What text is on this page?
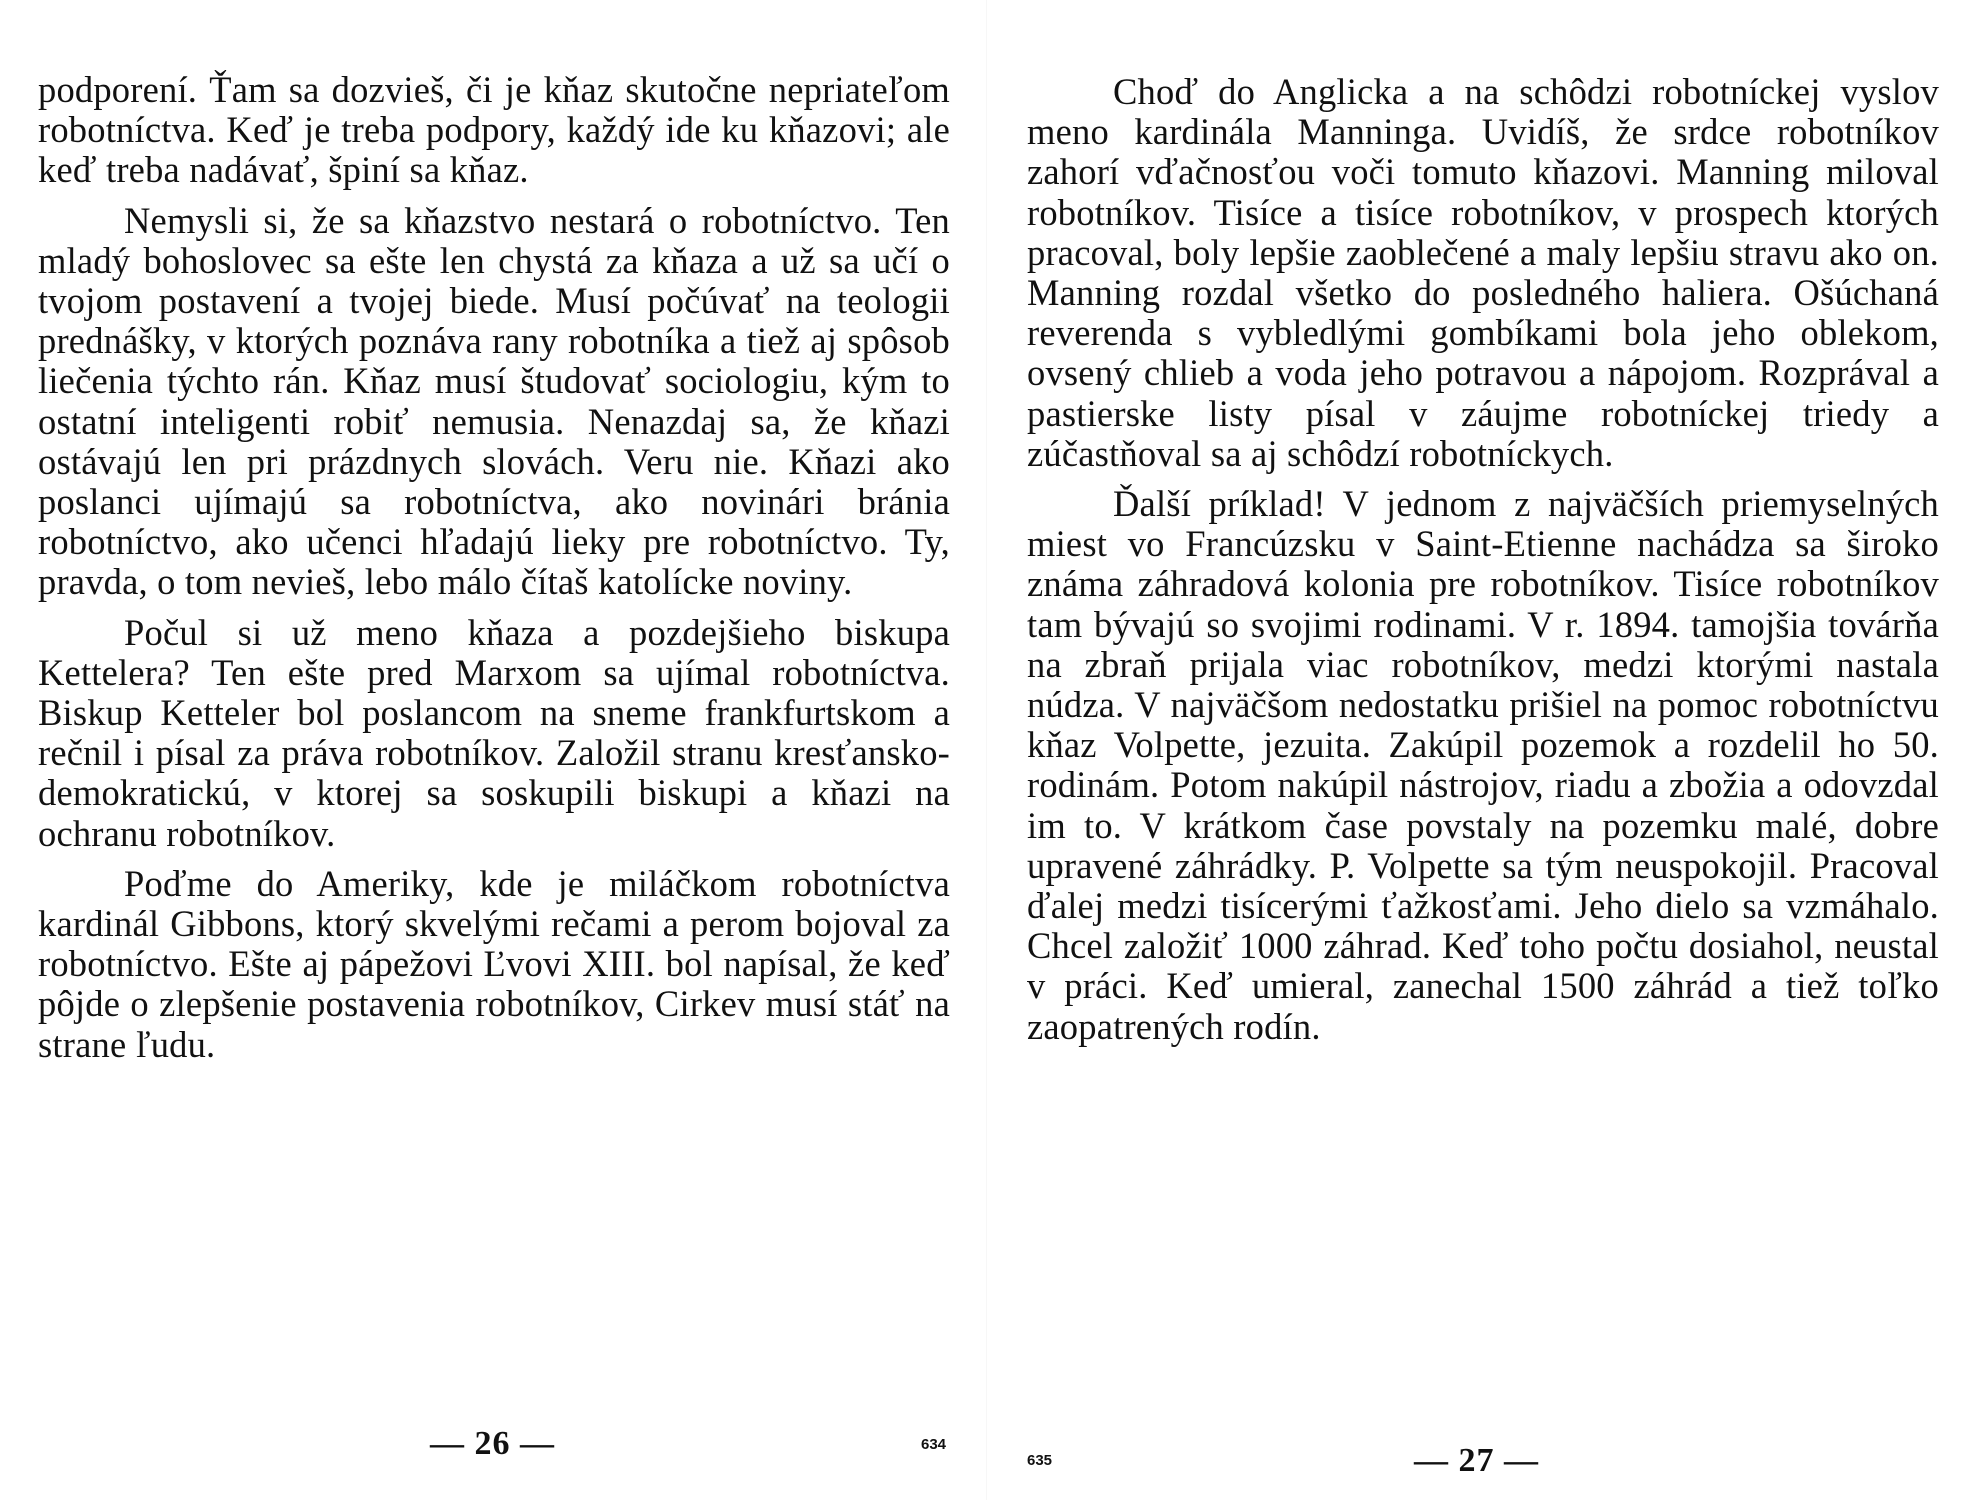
podporení. Ťam sa dozvieš, či je kňaz skutočne nepriateľom robotníctva. Keď je treba podpory, každý ide ku kňazovi; ale keď treba nadávať, špiní sa kňaz.

Nemysli si, že sa kňazstvo nestará o robotníctvo. Ten mladý bohoslovec sa ešte len chystá za kňaza a už sa učí o tvojom postavení a tvojej biede. Musí počúvať na teologii prednášky, v ktorých poznáva rany robotníka a tiež aj spôsob liečenia týchto rán. Kňaz musí študovať sociologiu, kým to ostatní inteligenti robiť nemusia. Nenazdaj sa, že kňazi ostávajú len pri prázdnych slovách. Veru nie. Kňazi ako poslanci ujímajú sa robotníctva, ako novinári bránia robotníctvo, ako učenci hľadajú lieky pre robotníctvo. Ty, pravda, o tom nevieš, lebo málo čítaš katolícke noviny.

Počul si už meno kňaza a pozdejšieho biskupa Kettelera? Ten ešte pred Marxom sa ujímal robotníctva. Biskup Ketteler bol poslancom na sneme frankfurtskom a rečnil i písal za práva robotníkov. Založil stranu kresťansko-demokratickú, v ktorej sa soskupili biskupi a kňazi na ochranu robotníkov.

Poďme do Ameriky, kde je miláčkom robotníctva kardinál Gibbons, ktorý skvelými rečami a perom bojoval za robotníctvo. Ešte aj pápežovi Ľvovi XIII. bol napísal, že keď pôjde o zlepšenie postavenia robotníkov, Cirkev musí stáť na strane ľudu.

— 26 —	634

Choď do Anglicka a na schôdzi robotníckej vyslov meno kardinála Manninga. Uvidíš, že srdce robotníkov zahorí vďačnosťou voči tomuto kňazovi. Manning miloval robotníkov. Tisíce a tisíce robotníkov, v prospech ktorých pracoval, boly lepšie zaoblečené a maly lepšiu stravu ako on. Manning rozdal všetko do posledného haliera. Ošúchaná reverenda s vybledlými gombíkami bola jeho oblekom, ovsený chlieb a voda jeho potravou a nápojom. Rozprával a pastierske listy písal v záujme robotníckej triedy a zúčastňoval sa aj schôdzí robotníckych.

Ďalší príklad! V jednom z najväčších priemyselných miest vo Francúzsku v Saint-Etienne nachádza sa široko známa záhradová kolonia pre robotníkov. Tisíce robotníkov tam bývajú so svojimi rodinami. V r. 1894. tamojšia továrňa na zbraň prijala viac robotníkov, medzi ktorými nastala núdza. V najväčšom nedostatku prišiel na pomoc robotníctvu kňaz Volpette, jezuita. Zakúpil pozemok a rozdelil ho 50. rodinám. Potom nakúpil nástrojov, riadu a zbožia a odovzdal im to. V krátkom čase povstaly na pozemku malé, dobre upravené záhrádky. P. Volpette sa tým neuspokojil. Pracoval ďalej medzi tisícerými ťažkosťami. Jeho dielo sa vzmáhalo. Chcel založiť 1000 záhrad. Keď toho počtu dosiahol, neustal v práci. Keď umieral, zanechal 1500 záhrád a tiež toľko zaopatrených rodín.

635	— 27 —
